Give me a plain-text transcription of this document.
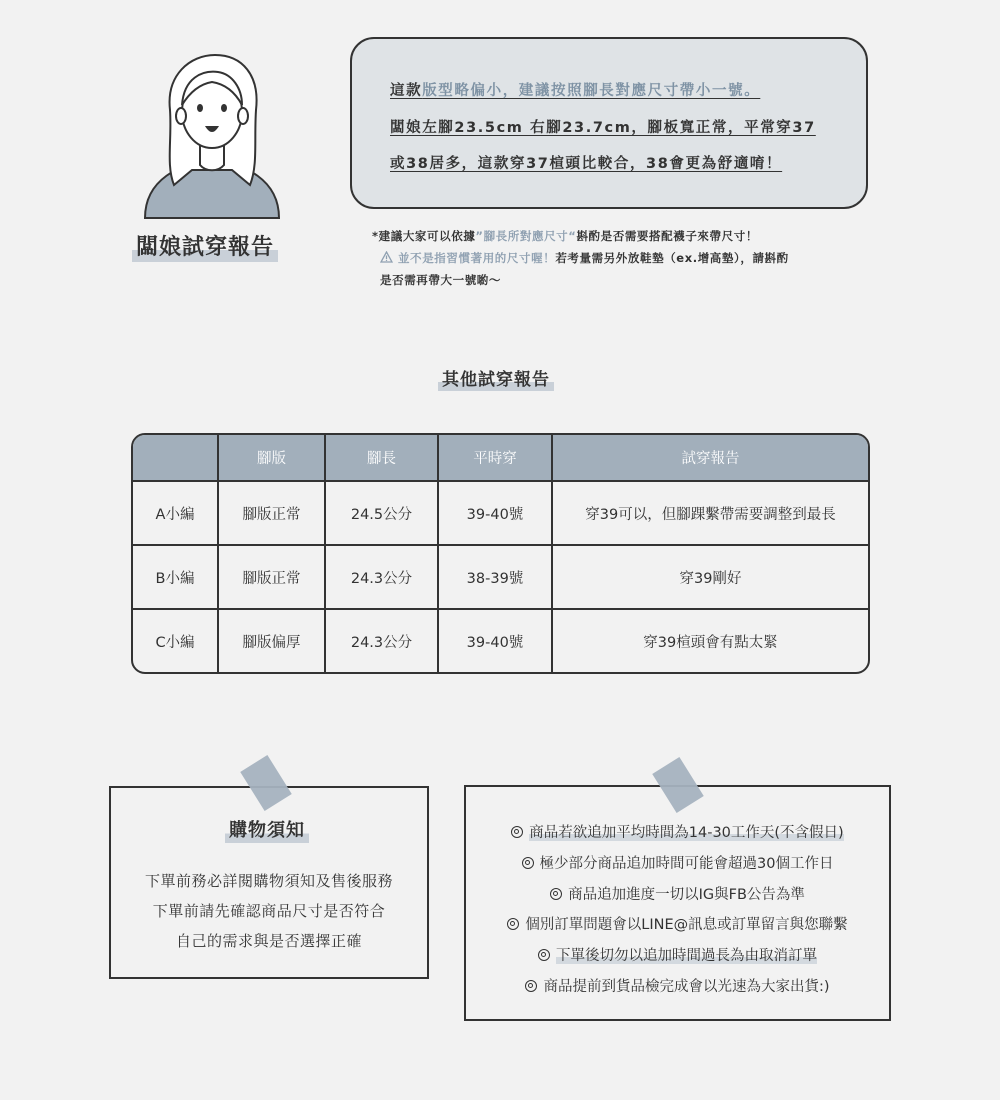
闆娘試穿報告
這款版型略偏小，建議按照腳長對應尺寸帶小一號。
闆娘左腳23.5cm 右腳23.7cm，腳板寬正常，平常穿37
或38居多，這款穿37楦頭比較合，38會更為舒適唷！
*建議大家可以依據”腳長所對應尺寸“斟酌是否需要搭配襪子來帶尺寸！
並不是指習慣著用的尺寸喔！若考量需另外放鞋墊（ex.增高墊），請斟酌
是否需再帶大一號喲～
其他試穿報告
	腳版	腳長	平時穿	試穿報告
A小編	腳版正常	24.5公分	39-40號	穿39可以，但腳踝繫帶需要調整到最長
B小編	腳版正常	24.3公分	38-39號	穿39剛好
C小編	腳版偏厚	24.3公分	39-40號	穿39楦頭會有點太緊
購物須知
下單前務必詳閱購物須知及售後服務
下單前請先確認商品尺寸是否符合
自己的需求與是否選擇正確
商品若欲追加平均時間為14-30工作天(不含假日)
極少部分商品追加時間可能會超過30個工作日
商品追加進度一切以IG與FB公告為準
個別訂單問題會以LINE@訊息或訂單留言與您聯繫
下單後切勿以追加時間過長為由取消訂單
商品提前到貨品檢完成會以光速為大家出貨:)
